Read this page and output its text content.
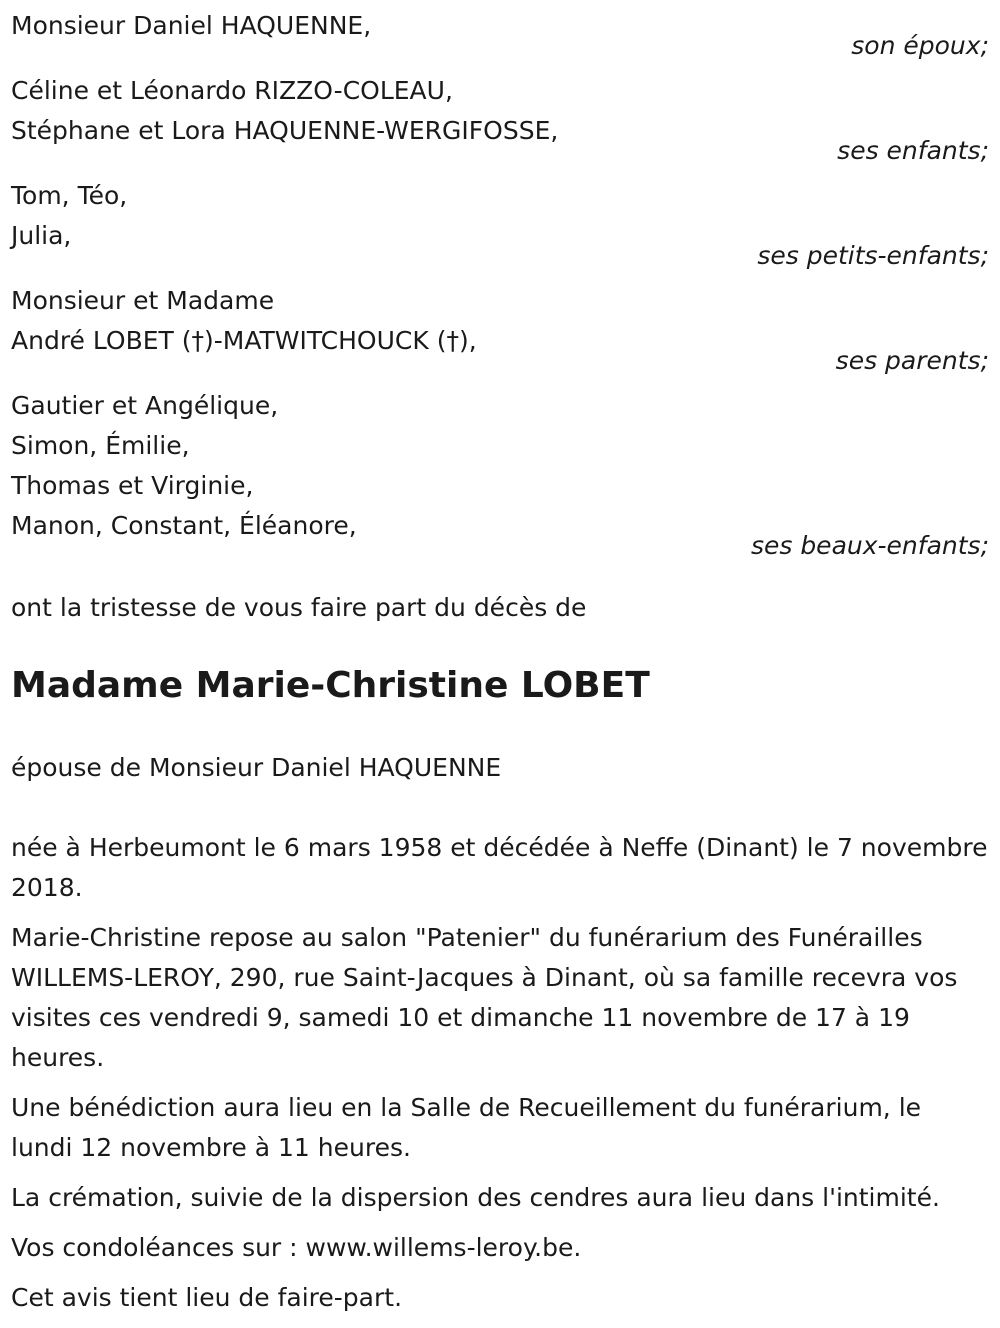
Monsieur Daniel HAQUENNE,
son époux;
Céline et Léonardo RIZZO-COLEAU,
Stéphane et Lora HAQUENNE-WERGIFOSSE,
ses enfants;
Tom, Téo,
Julia,
ses petits-enfants;
Monsieur et Madame
André LOBET (†)-MATWITCHOUCK (†),
ses parents;
Gautier et Angélique,
Simon, Émilie,
Thomas et Virginie,
Manon, Constant, Éléanore,
ses beaux-enfants;
ont la tristesse de vous faire part du décès de
Madame Marie-Christine LOBET
épouse de Monsieur Daniel HAQUENNE

née à Herbeumont le 6 mars 1958 et décédée à Neffe (Dinant) le 7 novembre 2018.

Marie-Christine repose au salon "Patenier" du funérarium des Funérailles WILLEMS-LEROY, 290, rue Saint-Jacques à Dinant, où sa famille recevra vos visites ces vendredi 9, samedi 10 et dimanche 11 novembre de 17 à 19 heures.

Une bénédiction aura lieu en la Salle de Recueillement du funérarium, le lundi 12 novembre à 11 heures.

La crémation, suivie de la dispersion des cendres aura lieu dans l'intimité.

Vos condoléances sur : www.willems-leroy.be.

Cet avis tient lieu de faire-part.
